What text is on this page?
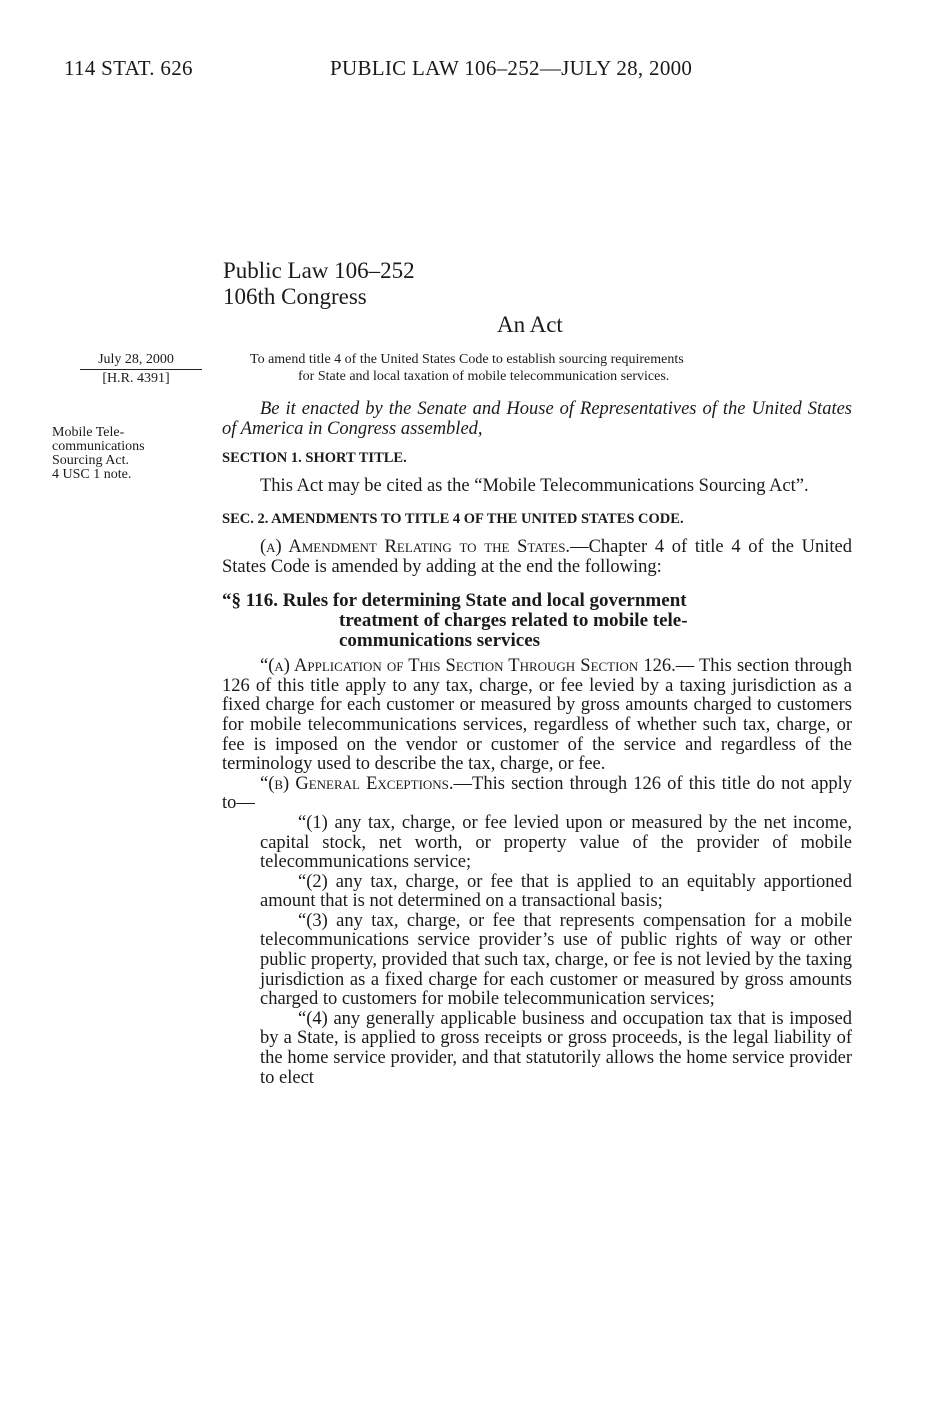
114 STAT. 626	PUBLIC LAW 106–252—JULY 28, 2000
Public Law 106–252
106th Congress
An Act
July 28, 2000
[H.R. 4391]
Mobile Tele-
communications
Sourcing Act.
4 USC 1 note.
To amend title 4 of the United States Code to establish sourcing requirements
for State and local taxation of mobile telecommunication services.

Be it enacted by the Senate and House of Representatives of the United States of America in Congress assembled,

SECTION 1. SHORT TITLE.

This Act may be cited as the “Mobile Telecommunications Sourcing Act”.

SEC. 2. AMENDMENTS TO TITLE 4 OF THE UNITED STATES CODE.

(a) Amendment Relating to the States.—Chapter 4 of title 4 of the United States Code is amended by adding at the end the following:

“§ 116. Rules for determining State and local government
treatment of charges related to mobile tele-
communications services

“(a) Application of This Section Through Section 126.— This section through 126 of this title apply to any tax, charge, or fee levied by a taxing jurisdiction as a fixed charge for each customer or measured by gross amounts charged to customers for mobile telecommunications services, regardless of whether such tax, charge, or fee is imposed on the vendor or customer of the service and regardless of the terminology used to describe the tax, charge, or fee.

“(b) General Exceptions.—This section through 126 of this title do not apply to—

“(1) any tax, charge, or fee levied upon or measured by the net income, capital stock, net worth, or property value of the provider of mobile telecommunications service;

“(2) any tax, charge, or fee that is applied to an equitably apportioned amount that is not determined on a transactional basis;

“(3) any tax, charge, or fee that represents compensation for a mobile telecommunications service provider’s use of public rights of way or other public property, provided that such tax, charge, or fee is not levied by the taxing jurisdiction as a fixed charge for each customer or measured by gross amounts charged to customers for mobile telecommunication services;

“(4) any generally applicable business and occupation tax that is imposed by a State, is applied to gross receipts or gross proceeds, is the legal liability of the home service provider, and that statutorily allows the home service provider to elect
